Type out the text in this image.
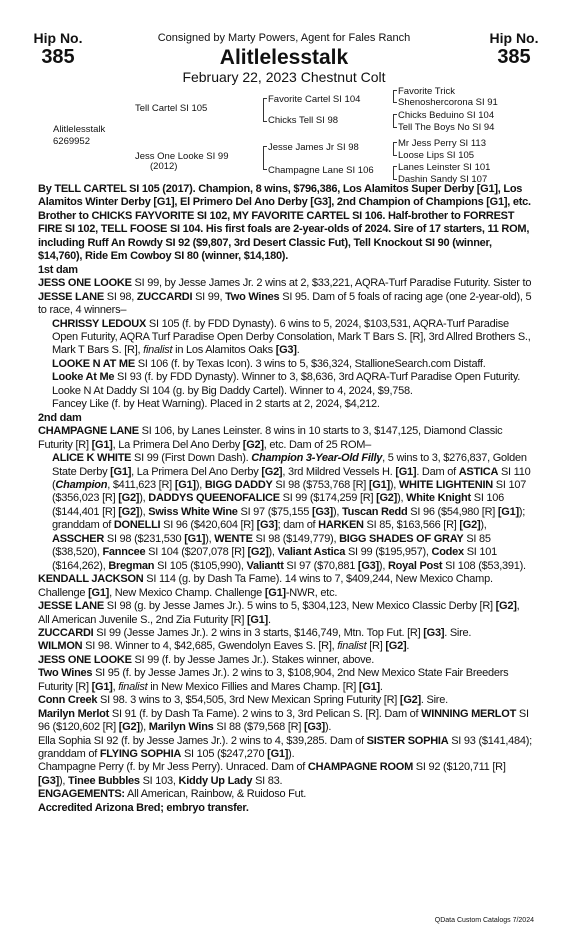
Hip No.
385
Hip No.
385
Consigned by Marty Powers, Agent for Fales Ranch
Alitlelesstalk
February 22, 2023 Chestnut Colt
Alitlelesstalk
6269952
Tell Cartel SI 105
Jess One Looke SI 99
(2012)
Favorite Cartel SI 104
Chicks Tell SI 98
Jesse James Jr SI 98
Champagne Lane SI 106
Favorite Trick
Shenoshercorona SI 91
Chicks Beduino SI 104
Tell The Boys No SI 94
Mr Jess Perry SI 113
Loose Lips SI 105
Lanes Leinster SI 101
Dashin Sandy SI 107

By TELL CARTEL SI 105 (2017). Champion, 8 wins, $796,386, Los Alamitos Super Derby [G1], Los Alamitos Winter Derby [G1], El Primero Del Ano Derby [G3], 2nd Champion of Champions [G1], etc. Brother to CHICKS FAYVORITE SI 102, MY FAVORITE CARTEL SI 106. Half-brother to FORREST FIRE SI 102, TELL FOOSE SI 104. His first foals are 2-year-olds of 2024. Sire of 17 starters, 11 ROM, including Ruff An Rowdy SI 92 ($9,807, 3rd Desert Classic Fut), Tell Knockout SI 90 (winner, $14,760), Ride Em Cowboy SI 80 (winner, $14,180).

1st dam

JESS ONE LOOKE SI 99, by Jesse James Jr. 2 wins at 2, $33,221, AQRA-Turf Paradise Futurity. Sister to JESSE LANE SI 98, ZUCCARDI SI 99, Two Wines SI 95. Dam of 5 foals of racing age (one 2-year-old), 5 to race, 4 winners–

CHRISSY LEDOUX SI 105 (f. by FDD Dynasty). 6 wins to 5, 2024, $103,531, AQRA-Turf Paradise Open Futurity, AQRA Turf Paradise Open Derby Consolation, Mark T Bars S. [R], 3rd Allred Brothers S., Mark T Bars S. [R], finalist in Los Alamitos Oaks [G3].

LOOKE N AT ME SI 106 (f. by Texas Icon). 3 wins to 5, $36,324, StallioneSearch.com Distaff.

Looke At Me SI 93 (f. by FDD Dynasty). Winner to 3, $8,636, 3rd AQRA-Turf Paradise Open Futurity.

Looke N At Daddy SI 104 (g. by Big Daddy Cartel). Winner to 4, 2024, $9,758.

Fancey Like (f. by Heat Warning). Placed in 2 starts at 2, 2024, $4,212.

2nd dam

CHAMPAGNE LANE SI 106, by Lanes Leinster. 8 wins in 10 starts to 3, $147,125, Diamond Classic Futurity [R] [G1], La Primera Del Ano Derby [G2], etc. Dam of 25 ROM–

ALICE K WHITE SI 99 (First Down Dash). Champion 3-Year-Old Filly, 5 wins to 3, $276,837, Golden State Derby [G1], La Primera Del Ano Derby [G2], 3rd Mildred Vessels H. [G1]. Dam of ASTICA SI 110 (Champion, $411,623 [R] [G1]), BIGG DADDY SI 98 ($753,768 [R] [G1]), WHITE LIGHTENIN SI 107 ($356,023 [R] [G2]), DADDYS QUEENOFALICE SI 99 ($174,259 [R] [G2]), White Knight SI 106 ($144,401 [R] [G2]), Swiss White Wine SI 97 ($75,155 [G3]), Tuscan Redd SI 96 ($54,980 [R] [G1]); granddam of DONELLI SI 96 ($420,604 [R] [G3]; dam of HARKEN SI 85, $163,566 [R] [G2]), ASSCHER SI 98 ($231,530 [G1]), WENTE SI 98 ($149,779), BIGG SHADES OF GRAY SI 85 ($38,520), Fanncee SI 104 ($207,078 [R] [G2]), Valiant Astica SI 99 ($195,957), Codex SI 101 ($164,262), Bregman SI 105 ($105,990), Valiantt SI 97 ($70,881 [G3]), Royal Post SI 108 ($53,391).

KENDALL JACKSON SI 114 (g. by Dash Ta Fame). 14 wins to 7, $409,244, New Mexico Champ. Challenge [G1], New Mexico Champ. Challenge [G1]-NWR, etc.

JESSE LANE SI 98 (g. by Jesse James Jr.). 5 wins to 5, $304,123, New Mexico Classic Derby [R] [G2], All American Juvenile S., 2nd Zia Futurity [R] [G1].

ZUCCARDI SI 99 (Jesse James Jr.). 2 wins in 3 starts, $146,749, Mtn. Top Fut. [R] [G3]. Sire.

WILMON SI 98. Winner to 4, $42,685, Gwendolyn Eaves S. [R], finalist [R] [G2].

JESS ONE LOOKE SI 99 (f. by Jesse James Jr.). Stakes winner, above.

Two Wines SI 95 (f. by Jesse James Jr.). 2 wins to 3, $108,904, 2nd New Mexico State Fair Breeders Futurity [R] [G1], finalist in New Mexico Fillies and Mares Champ. [R] [G1].

Conn Creek SI 98. 3 wins to 3, $54,505, 3rd New Mexican Spring Futurity [R] [G2]. Sire.

Marilyn Merlot SI 91 (f. by Dash Ta Fame). 2 wins to 3, 3rd Pelican S. [R]. Dam of WINNING MERLOT SI 96 ($120,602 [R] [G2]), Marilyn Wins SI 88 ($79,568 [R] [G3]).

Ella Sophia SI 92 (f. by Jesse James Jr.). 2 wins to 4, $39,285. Dam of SISTER SOPHIA SI 93 ($141,484); granddam of FLYING SOPHIA SI 105 ($247,270 [G1]).

Champagne Perry (f. by Mr Jess Perry). Unraced. Dam of CHAMPAGNE ROOM SI 92 ($120,711 [R] [G3]), Tinee Bubbles SI 103, Kiddy Up Lady SI 83.

ENGAGEMENTS: All American, Rainbow, & Ruidoso Fut.

Accredited Arizona Bred; embryo transfer.

QData Custom Catalogs 7/2024
